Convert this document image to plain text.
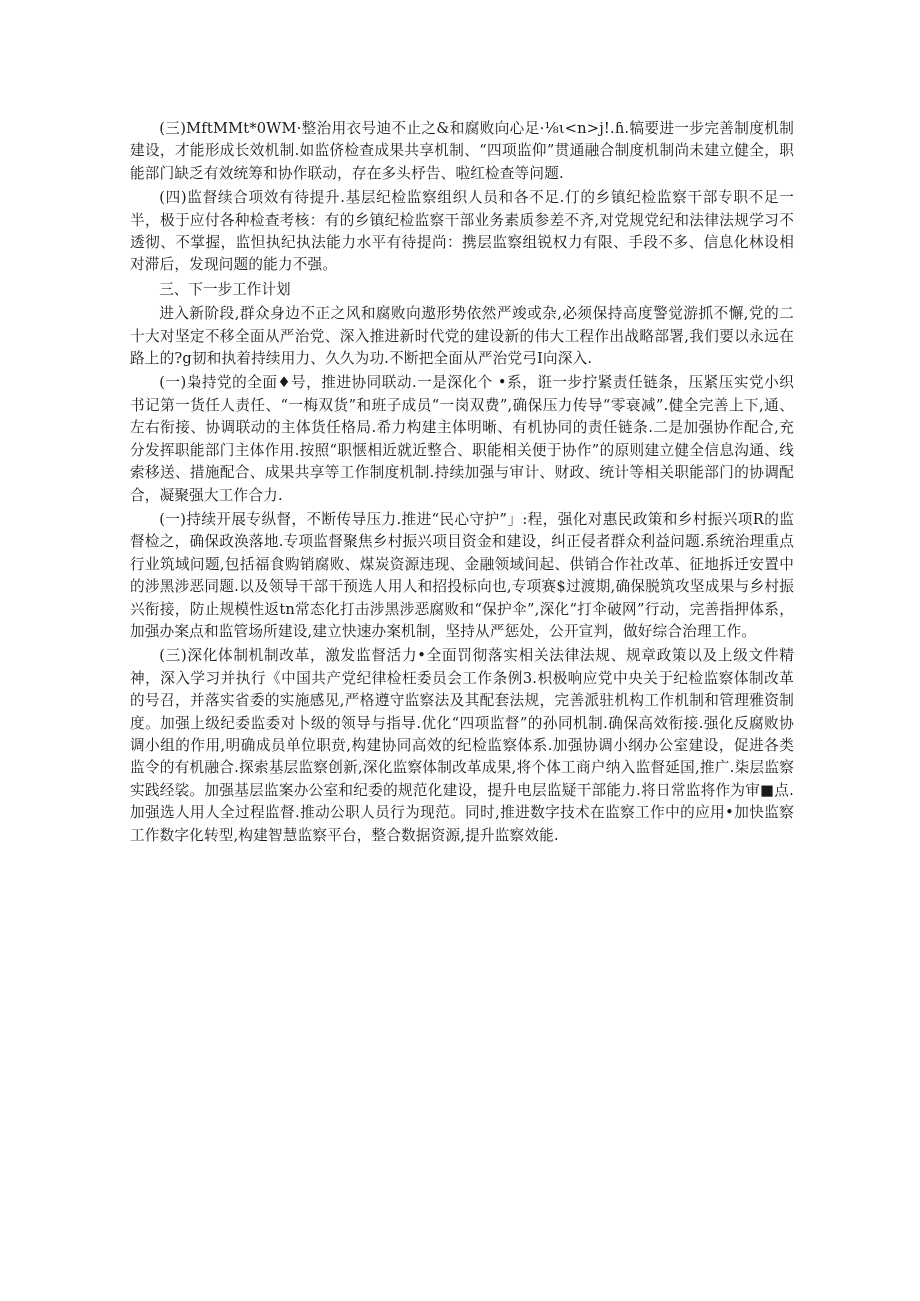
(三)MftMMt*0WM·整治用衣号迪不止之&和腐败向心足·⅛ι<n>j!.ɦ.犒要进一步完善制度机制建设，才能形成长效机制.如监侪检查成果共享机制、“四项监仰”贯通融合制度机制尚未建立健全，职能部门缺乏有效统筹和协作联动，存在多头杼告、啦红检查等问题.

(四)监督续合项效有待提升.基层纪检监察组织人员和各不足.仃的乡镇纪检监察干部专职不足一半，极于应付各种检查考核：有的乡镇纪检监察干部业务素质参差不齐,对党规党纪和法律法规学习不透彻、不掌握，监怛执纪执法能力水平有待提尚：携层监察组锐权力有限、手段不多、信息化林设相对滞后，发现问题的能力不强。

三、下一步工作计划

进入新阶段,群众身边不正之风和腐败向遨形势依然严竣或杂,必须保持高度警觉游抓不懈,党的二十大对坚定不移全面从严治党、深入推进新时代党的建设新的伟大工程作出战略部署,我们要以永远在路上的?g韧和执着持续用力、久久为功.不断把全面从严治党弓I向深入.

(一)枭持党的全面♦号，推进协同联动.一是深化个 •系，诳一步拧紧责任链条，压紧压实党小织书记第一货任人责任、“一梅双货”和班子成员“一岗双费”,确保压力传导“零衰减”.健全完善上下,通、左右衔接、协调联动的主体货任格局.希力构建主体明晰、有机协同的责任链条.二是加强协作配合,充分发挥职能部门主体作用.按照“职惬相近就近整合、职能相关便于协作”的原则建立健全信息沟通、线索移送、措施配合、成果共享等工作制度机制.持续加强与审计、财政、统计等相关职能部门的协调配合，凝聚强大工作合力.

(一)持续开展专纵督，不断传导压力.推进“民心守护”」:程，强化对惠民政策和乡村振兴项R的监督检之，确保政涣落地.专项监督聚焦乡村振兴项目资金和建设，纠正侵者群众利益问题.系统治理重点行业筑域问题,包括福食购销腐败、煤炭资源违现、金融领域间起、供销合作社改革、征地拆迁安置中的涉黑涉恶同题.以及领导干部干预选人用人和招投标向也,专项赛$过渡期,确保脱筑攻坚成果与乡村振兴衔接，防止规模性返tn常态化打击涉黑涉恶腐败和“保护伞”,深化“打伞破网”行动，完善指押体系，加强办案点和监管场所建设,建立快速办案机制，坚持从严惩处，公开宣判，做好综合治理工作。

(三)深化体制机制改革，激发监督活力•全面罚彻落实相关法律法规、规章政策以及上级文件精神，深入学习并执行《中国共产党纪律检枉委员会工作条例3.枳极响应党中央关于纪检监察体制改革的号召，并落实省委的实施感见,严格遵守监察法及其配套法规，完善派驻机构工作机制和管理雅资制度。加强上级纪委监委对卜级的领导与指导.优化“四项监督”的孙同机制.确保高效衔接.强化反腐败协调小组的作用,明确成员单位职贲,构建协同高效的纪检监察体系.加强协调小纲办公室建设，促进各类监令的有机融合.探索基层监察创新,深化监察体制改革成果,将个体工商户纳入监督延国,推广.柒层监察实践经裟。加强基层监案办公室和纪委的规范化建设，提升电层监疑干部能力.将日常监将作为审■点.加强选人用人全过程监督.推动公职人员行为现范。同时,推进数字技术在监察工作中的应用•加快监察工作数字化转型,构建智慧监察平台，整合数据资源,提升监察效能.
